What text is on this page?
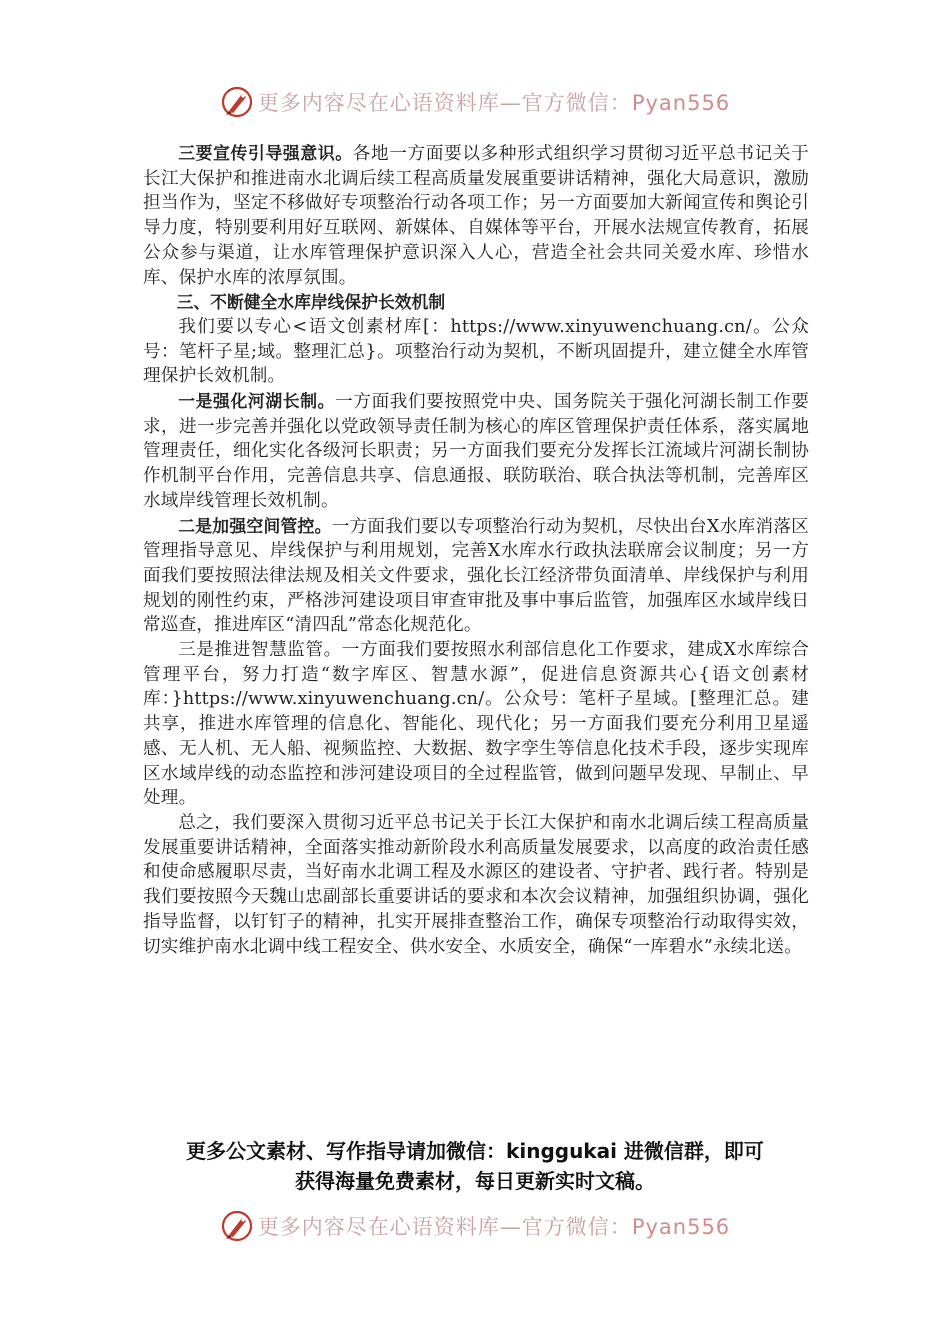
更多内容尽在心语资料库—官方微信：Pyan556

三要宣传引导强意识。各地一方面要以多种形式组织学习贯彻习近平总书记关于长江大保护和推进南水北调后续工程高质量发展重要讲话精神，强化大局意识，激励担当作为，坚定不移做好专项整治行动各项工作；另一方面要加大新闻宣传和舆论引导力度，特别要利用好互联网、新媒体、自媒体等平台，开展水法规宣传教育，拓展公众参与渠道，让水库管理保护意识深入人心，营造全社会共同关爱水库、珍惜水库、保护水库的浓厚氛围。

三、不断健全水库岸线保护长效机制

我们要以专心<语文创素材库[：https://www.xinyuwenchuang.cn/。公众号：笔杆子星;域。整理汇总}。项整治行动为契机，不断巩固提升，建立健全水库管理保护长效机制。

一是强化河湖长制。一方面我们要按照党中央、国务院关于强化河湖长制工作要求，进一步完善并强化以党政领导责任制为核心的库区管理保护责任体系，落实属地管理责任，细化实化各级河长职责；另一方面我们要充分发挥长江流域片河湖长制协作机制平台作用，完善信息共享、信息通报、联防联治、联合执法等机制，完善库区水域岸线管理长效机制。

二是加强空间管控。一方面我们要以专项整治行动为契机，尽快出台X水库消落区管理指导意见、岸线保护与利用规划，完善X水库水行政执法联席会议制度；另一方面我们要按照法律法规及相关文件要求，强化长江经济带负面清单、岸线保护与利用规划的刚性约束，严格涉河建设项目审查审批及事中事后监管，加强库区水域岸线日常巡查，推进库区“清四乱”常态化规范化。

三是推进智慧监管。一方面我们要按照水利部信息化工作要求，建成X水库综合管理平台，努力打造“数字库区、智慧水源”，促进信息资源共心{语文创素材库：}https://www.xinyuwenchuang.cn/。公众号：笔杆子星域。[整理汇总。建共享，推进水库管理的信息化、智能化、现代化；另一方面我们要充分利用卫星遥感、无人机、无人船、视频监控、大数据、数字孪生等信息化技术手段，逐步实现库区水域岸线的动态监控和涉河建设项目的全过程监管，做到问题早发现、早制止、早处理。

总之，我们要深入贯彻习近平总书记关于长江大保护和南水北调后续工程高质量发展重要讲话精神，全面落实推动新阶段水利高质量发展要求，以高度的政治责任感和使命感履职尽责，当好南水北调工程及水源区的建设者、守护者、践行者。特别是我们要按照今天魏山忠副部长重要讲话的要求和本次会议精神，加强组织协调，强化指导监督，以钉钉子的精神，扎实开展排查整治工作，确保专项整治行动取得实效，切实维护南水北调中线工程安全、供水安全、水质安全，确保“一库碧水”永续北送。

更多公文素材、写作指导请加微信：kinggukai 进微信群，即可
获得海量免费素材，每日更新实时文稿。
更多内容尽在心语资料库—官方微信：Pyan556
